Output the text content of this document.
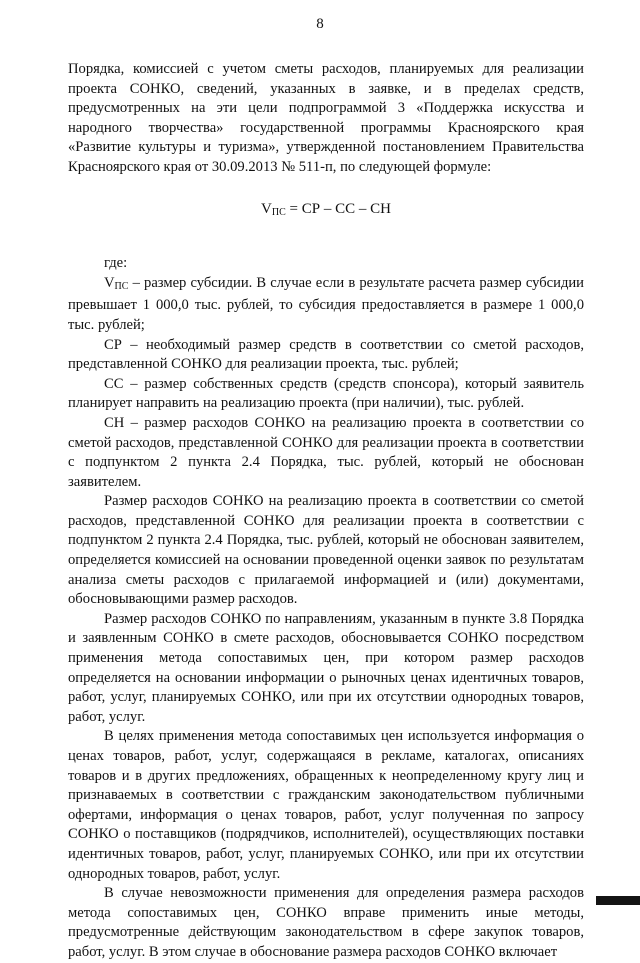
8

Порядка, комиссией с учетом сметы расходов, планируемых для реализации проекта СОНКО, сведений, указанных в заявке, и в пределах средств, предусмотренных на эти цели подпрограммой 3 «Поддержка искусства и народного творчества» государственной программы Красноярского края «Развитие культуры и туризма», утвержденной постановлением Правительства Красноярского края от 30.09.2013 № 511-п, по следующей формуле:

$V_{ПС}$ = СР – СС – СН

где:

$V_{ПС}$ – размер субсидии. В случае если в результате расчета размер субсидии превышает 1 000,0 тыс. рублей, то субсидия предоставляется в размере 1 000,0 тыс. рублей;

СР – необходимый размер средств в соответствии со сметой расходов, представленной СОНКО для реализации проекта, тыс. рублей;

СС – размер собственных средств (средств спонсора), который заявитель планирует направить на реализацию проекта (при наличии), тыс. рублей.

СН – размер расходов СОНКО на реализацию проекта в соответствии со сметой расходов, представленной СОНКО для реализации проекта в соответствии с подпунктом 2 пункта 2.4 Порядка, тыс. рублей, который не обоснован заявителем.

Размер расходов СОНКО на реализацию проекта в соответствии со сметой расходов, представленной СОНКО для реализации проекта в соответствии с подпунктом 2 пункта 2.4 Порядка, тыс. рублей, который не обоснован заявителем, определяется комиссией на основании проведенной оценки заявок по результатам анализа сметы расходов с прилагаемой информацией и (или) документами, обосновывающими размер расходов.

Размер расходов СОНКО по направлениям, указанным в пункте 3.8 Порядка и заявленным СОНКО в смете расходов, обосновывается СОНКО посредством применения метода сопоставимых цен, при котором размер расходов определяется на основании информации о рыночных ценах идентичных товаров, работ, услуг, планируемых СОНКО, или при их отсутствии однородных товаров, работ, услуг.

В целях применения метода сопоставимых цен используется информация о ценах товаров, работ, услуг, содержащаяся в рекламе, каталогах, описаниях товаров и в других предложениях, обращенных к неопределенному кругу лиц и признаваемых в соответствии с гражданским законодательством публичными офертами, информация о ценах товаров, работ, услуг полученная по запросу СОНКО о поставщиков (подрядчиков, исполнителей), осуществляющих поставки идентичных товаров, работ, услуг, планируемых СОНКО, или при их отсутствии однородных товаров, работ, услуг.

В случае невозможности применения для определения размера расходов метода сопоставимых цен, СОНКО вправе применить иные методы, предусмотренные действующим законодательством в сфере закупок товаров, работ, услуг. В этом случае в обоснование размера расходов СОНКО включает
